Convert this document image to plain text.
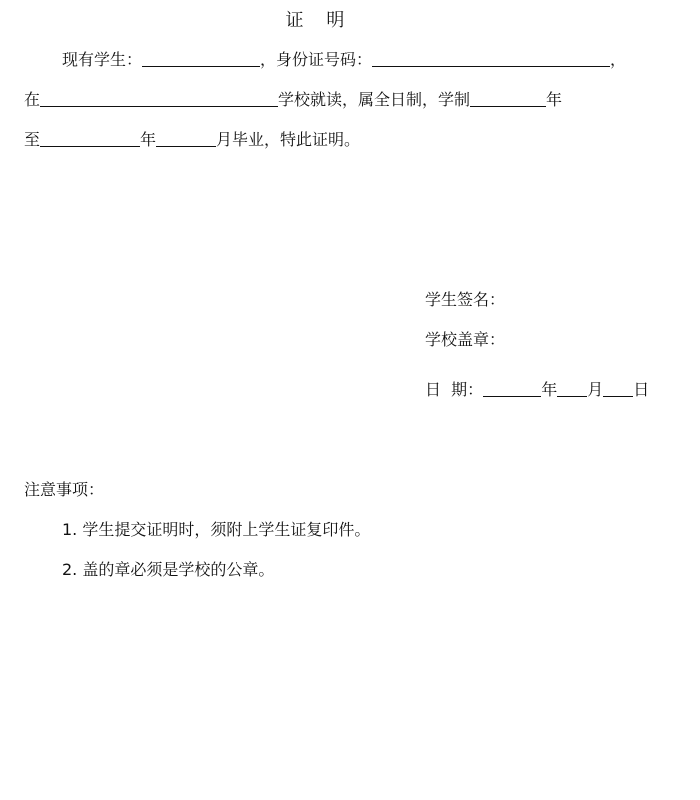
证    明
现有学生：	，身份证号码：	，
在	学校就读，属全日制，学制	年
至	年	月毕业，特此证明。
学生签名：
学校盖章：
日  期：	年 月 日
注意事项：
1. 学生提交证明时，须附上学生证复印件。
2. 盖的章必须是学校的公章。
